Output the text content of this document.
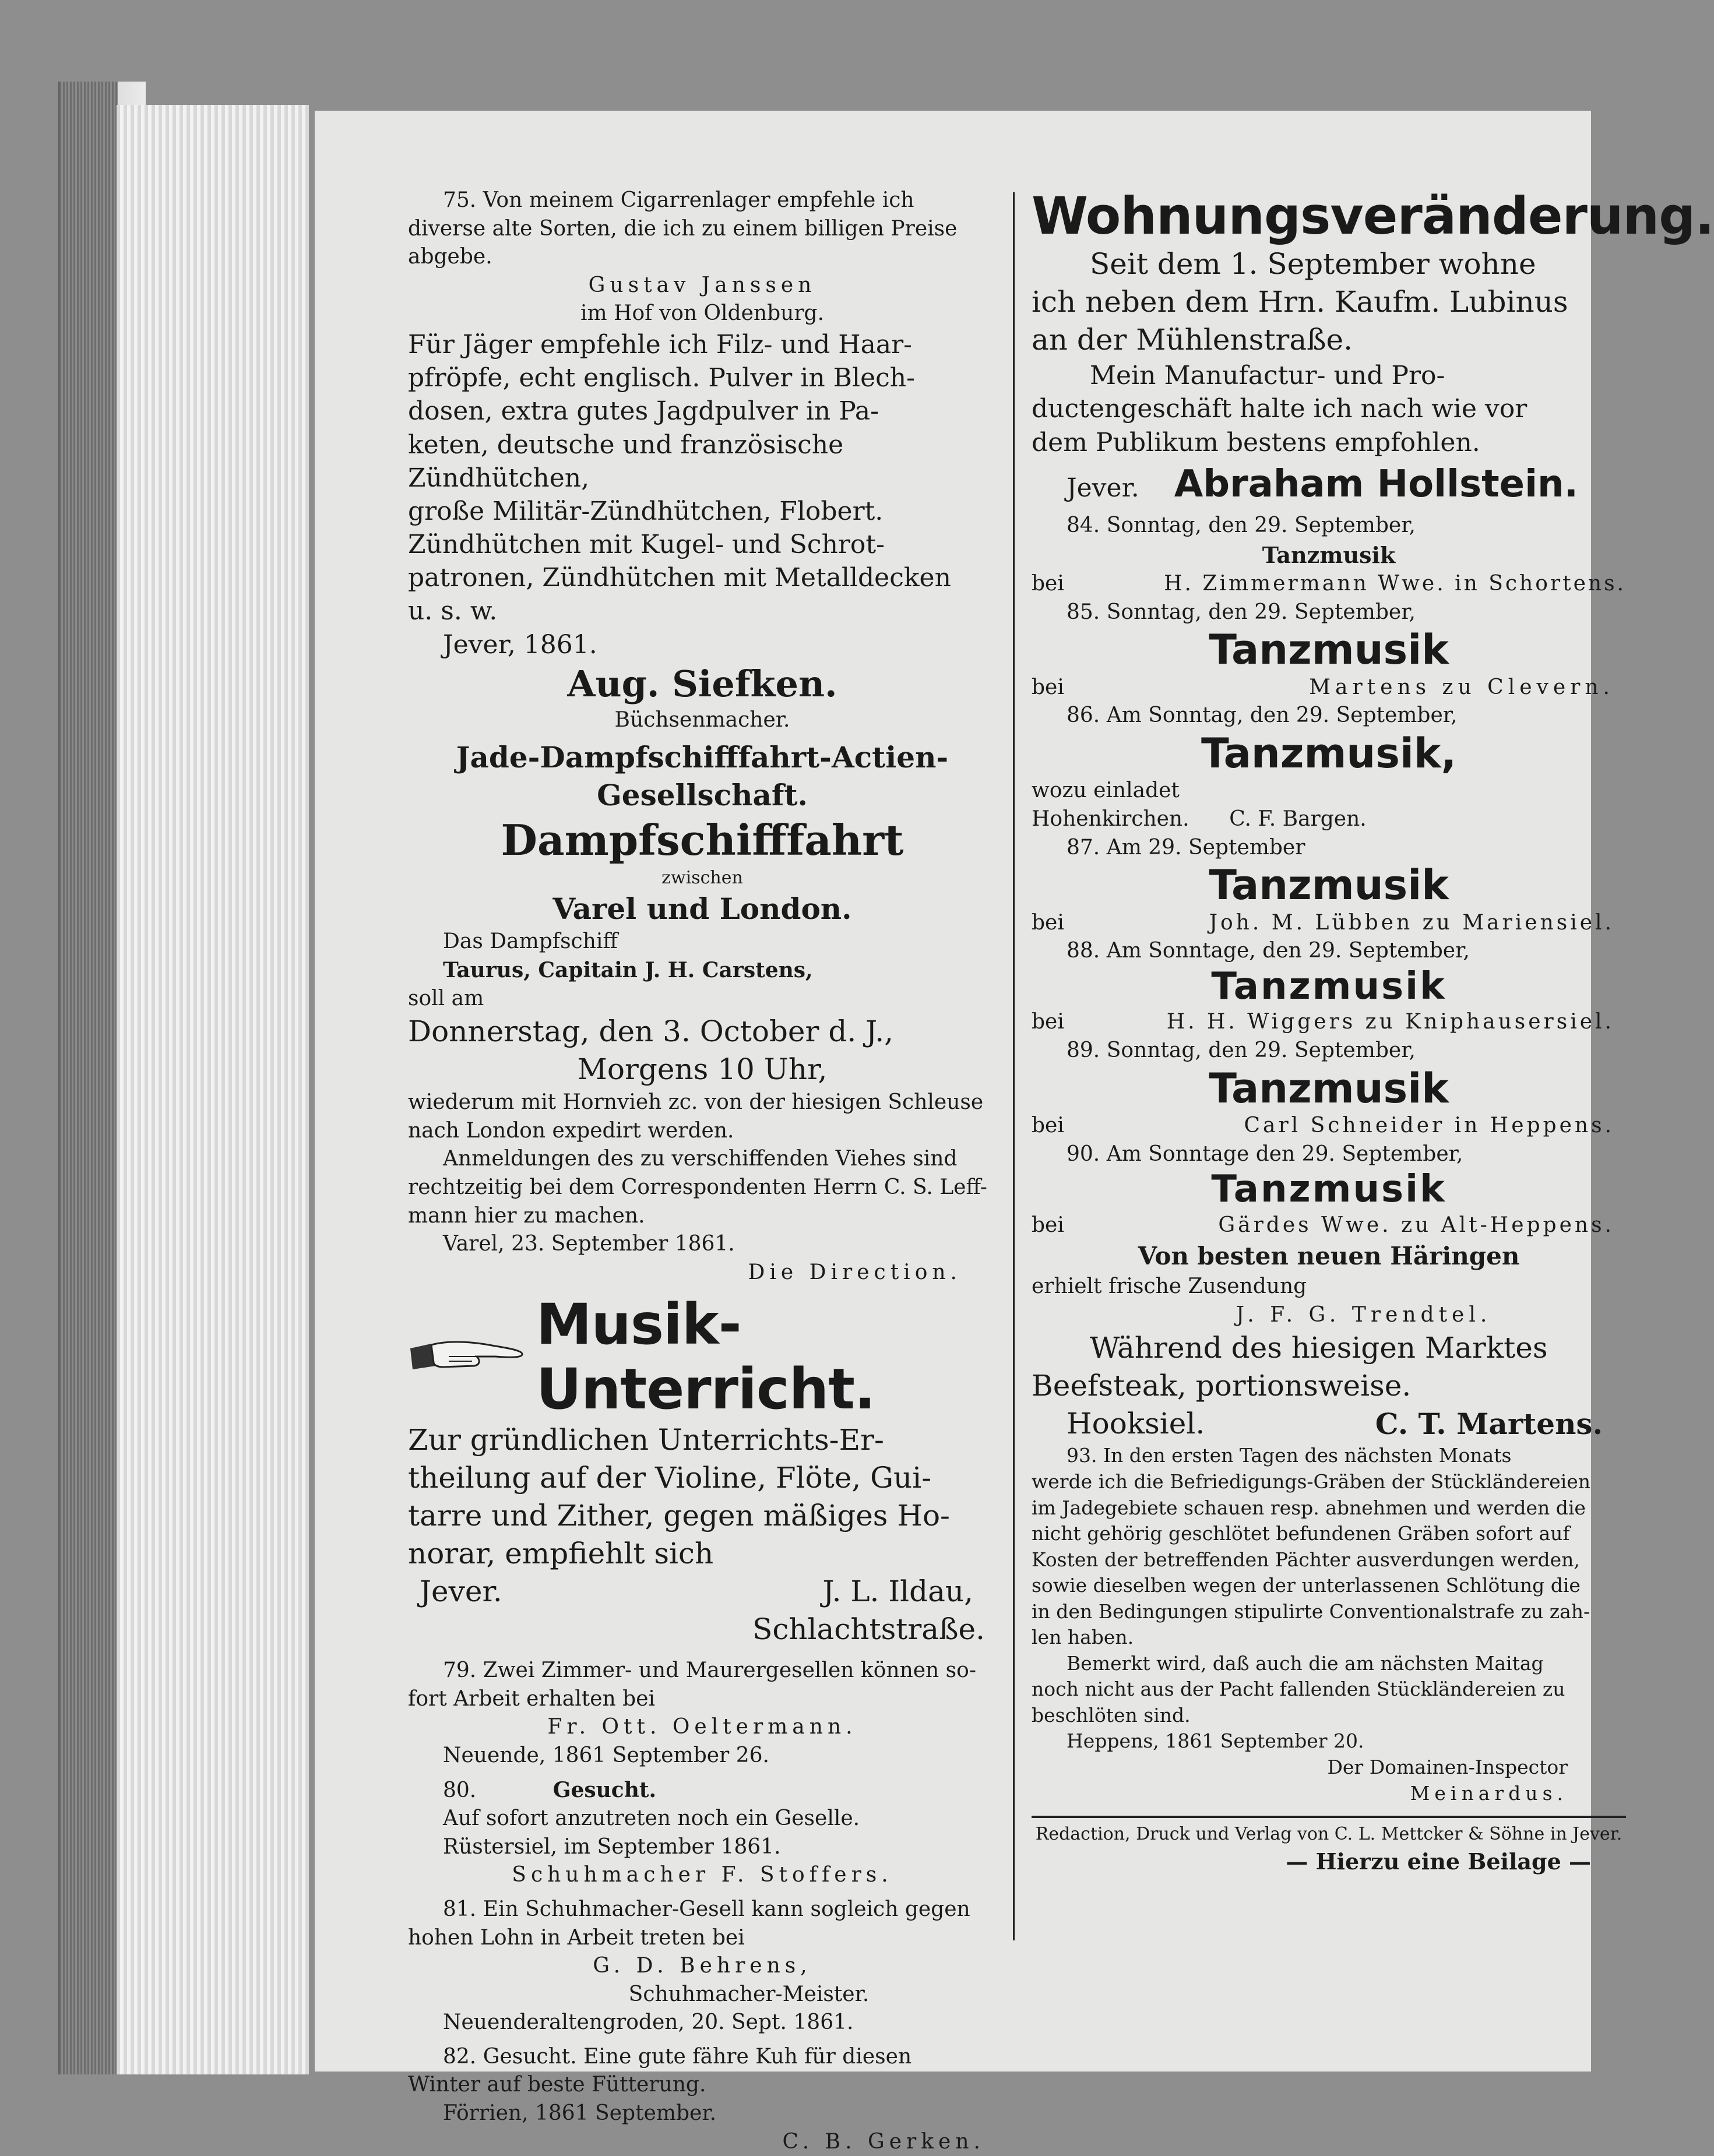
75. Von meinem Cigarrenlager empfehle ich

diverse alte Sorten, die ich zu einem billigen Preise

abgebe.

Gustav Janssen

im Hof von Oldenburg.

Für Jäger empfehle ich Filz- und Haar-

pfröpfe, echt englisch. Pulver in Blech-

dosen, extra gutes Jagdpulver in Pa-

keten, deutsche und französische Zündhütchen,

große Militär-Zündhütchen, Flobert.

Zündhütchen mit Kugel- und Schrot-

patronen, Zündhütchen mit Metalldecken

u. s. w.

Jever, 1861.

Aug. Siefken.

Büchsenmacher.

Jade-Dampfschifffahrt-Actien-

Gesellschaft.

Dampfschifffahrt

zwischen

Varel und London.

Das Dampfschiff

Taurus, Capitain J. H. Carstens,

soll am

Donnerstag, den 3. October d. J.,

Morgens 10 Uhr,

wiederum mit Hornvieh zc. von der hiesigen Schleuse

nach London expedirt werden.

Anmeldungen des zu verschiffenden Viehes sind

rechtzeitig bei dem Correspondenten Herrn C. S. Leff-

mann hier zu machen.

Varel, 23. September 1861.

Die Direction.

Musik-Unterricht.

Zur gründlichen Unterrichts-Er-

theilung auf der Violine, Flöte, Gui-

tarre und Zither, gegen mäßiges Ho-

norar, empfiehlt sich

Jever.	J. L. Ildau,

Schlachtstraße.

79. Zwei Zimmer- und Maurergesellen können so-

fort Arbeit erhalten bei

Fr. Ott. Oeltermann.

Neuende, 1861 September 26.

80.	Gesucht.

Auf sofort anzutreten noch ein Geselle.

Rüstersiel, im September 1861.

Schuhmacher F. Stoffers.

81. Ein Schuhmacher-Gesell kann sogleich gegen

hohen Lohn in Arbeit treten bei

G. D. Behrens,

Schuhmacher-Meister.

Neuenderaltengroden, 20. Sept. 1861.

82. Gesucht. Eine gute fähre Kuh für diesen

Winter auf beste Fütterung.

Förrien, 1861 September.

C. B. Gerken.

Wohnungsveränderung.

Seit dem 1. September wohne

ich neben dem Hrn. Kaufm. Lubinus

an der Mühlenstraße.

Mein Manufactur- und Pro-

ductengeschäft halte ich nach wie vor

dem Publikum bestens empfohlen.

Jever. Abraham Hollstein.

84. Sonntag, den 29. September,

Tanzmusik

bei	H. Zimmermann Wwe. in Schortens.

85. Sonntag, den 29. September,

Tanzmusik

bei	Martens zu Clevern.

86. Am Sonntag, den 29. September,

Tanzmusik,

wozu einladet

Hohenkirchen.      C. F. Bargen.

87. Am 29. September

Tanzmusik

bei	Joh. M. Lübben zu Mariensiel.

88. Am Sonntage, den 29. September,

Tanzmusik

bei	H. H. Wiggers zu Kniphausersiel.

89. Sonntag, den 29. September,

Tanzmusik

bei	Carl Schneider in Heppens.

90. Am Sonntage den 29. September,

Tanzmusik

bei	Gärdes Wwe. zu Alt-Heppens.

Von besten neuen Häringen

erhielt frische Zusendung

J. F. G. Trendtel.

Während des hiesigen Marktes

Beefsteak, portionsweise.

Hooksiel.	C. T. Martens.

93. In den ersten Tagen des nächsten Monats

werde ich die Befriedigungs-Gräben der Stückländereien

im Jadegebiete schauen resp. abnehmen und werden die

nicht gehörig geschlötet befundenen Gräben sofort auf

Kosten der betreffenden Pächter ausverdungen werden,

sowie dieselben wegen der unterlassenen Schlötung die

in den Bedingungen stipulirte Conventionalstrafe zu zah-

len haben.

Bemerkt wird, daß auch die am nächsten Maitag

noch nicht aus der Pacht fallenden Stückländereien zu

beschlöten sind.

Heppens, 1861 September 20.

Der Domainen-Inspector

Meinardus.

Redaction, Druck und Verlag von C. L. Mettcker & Söhne in Jever.

— Hierzu eine Beilage —
